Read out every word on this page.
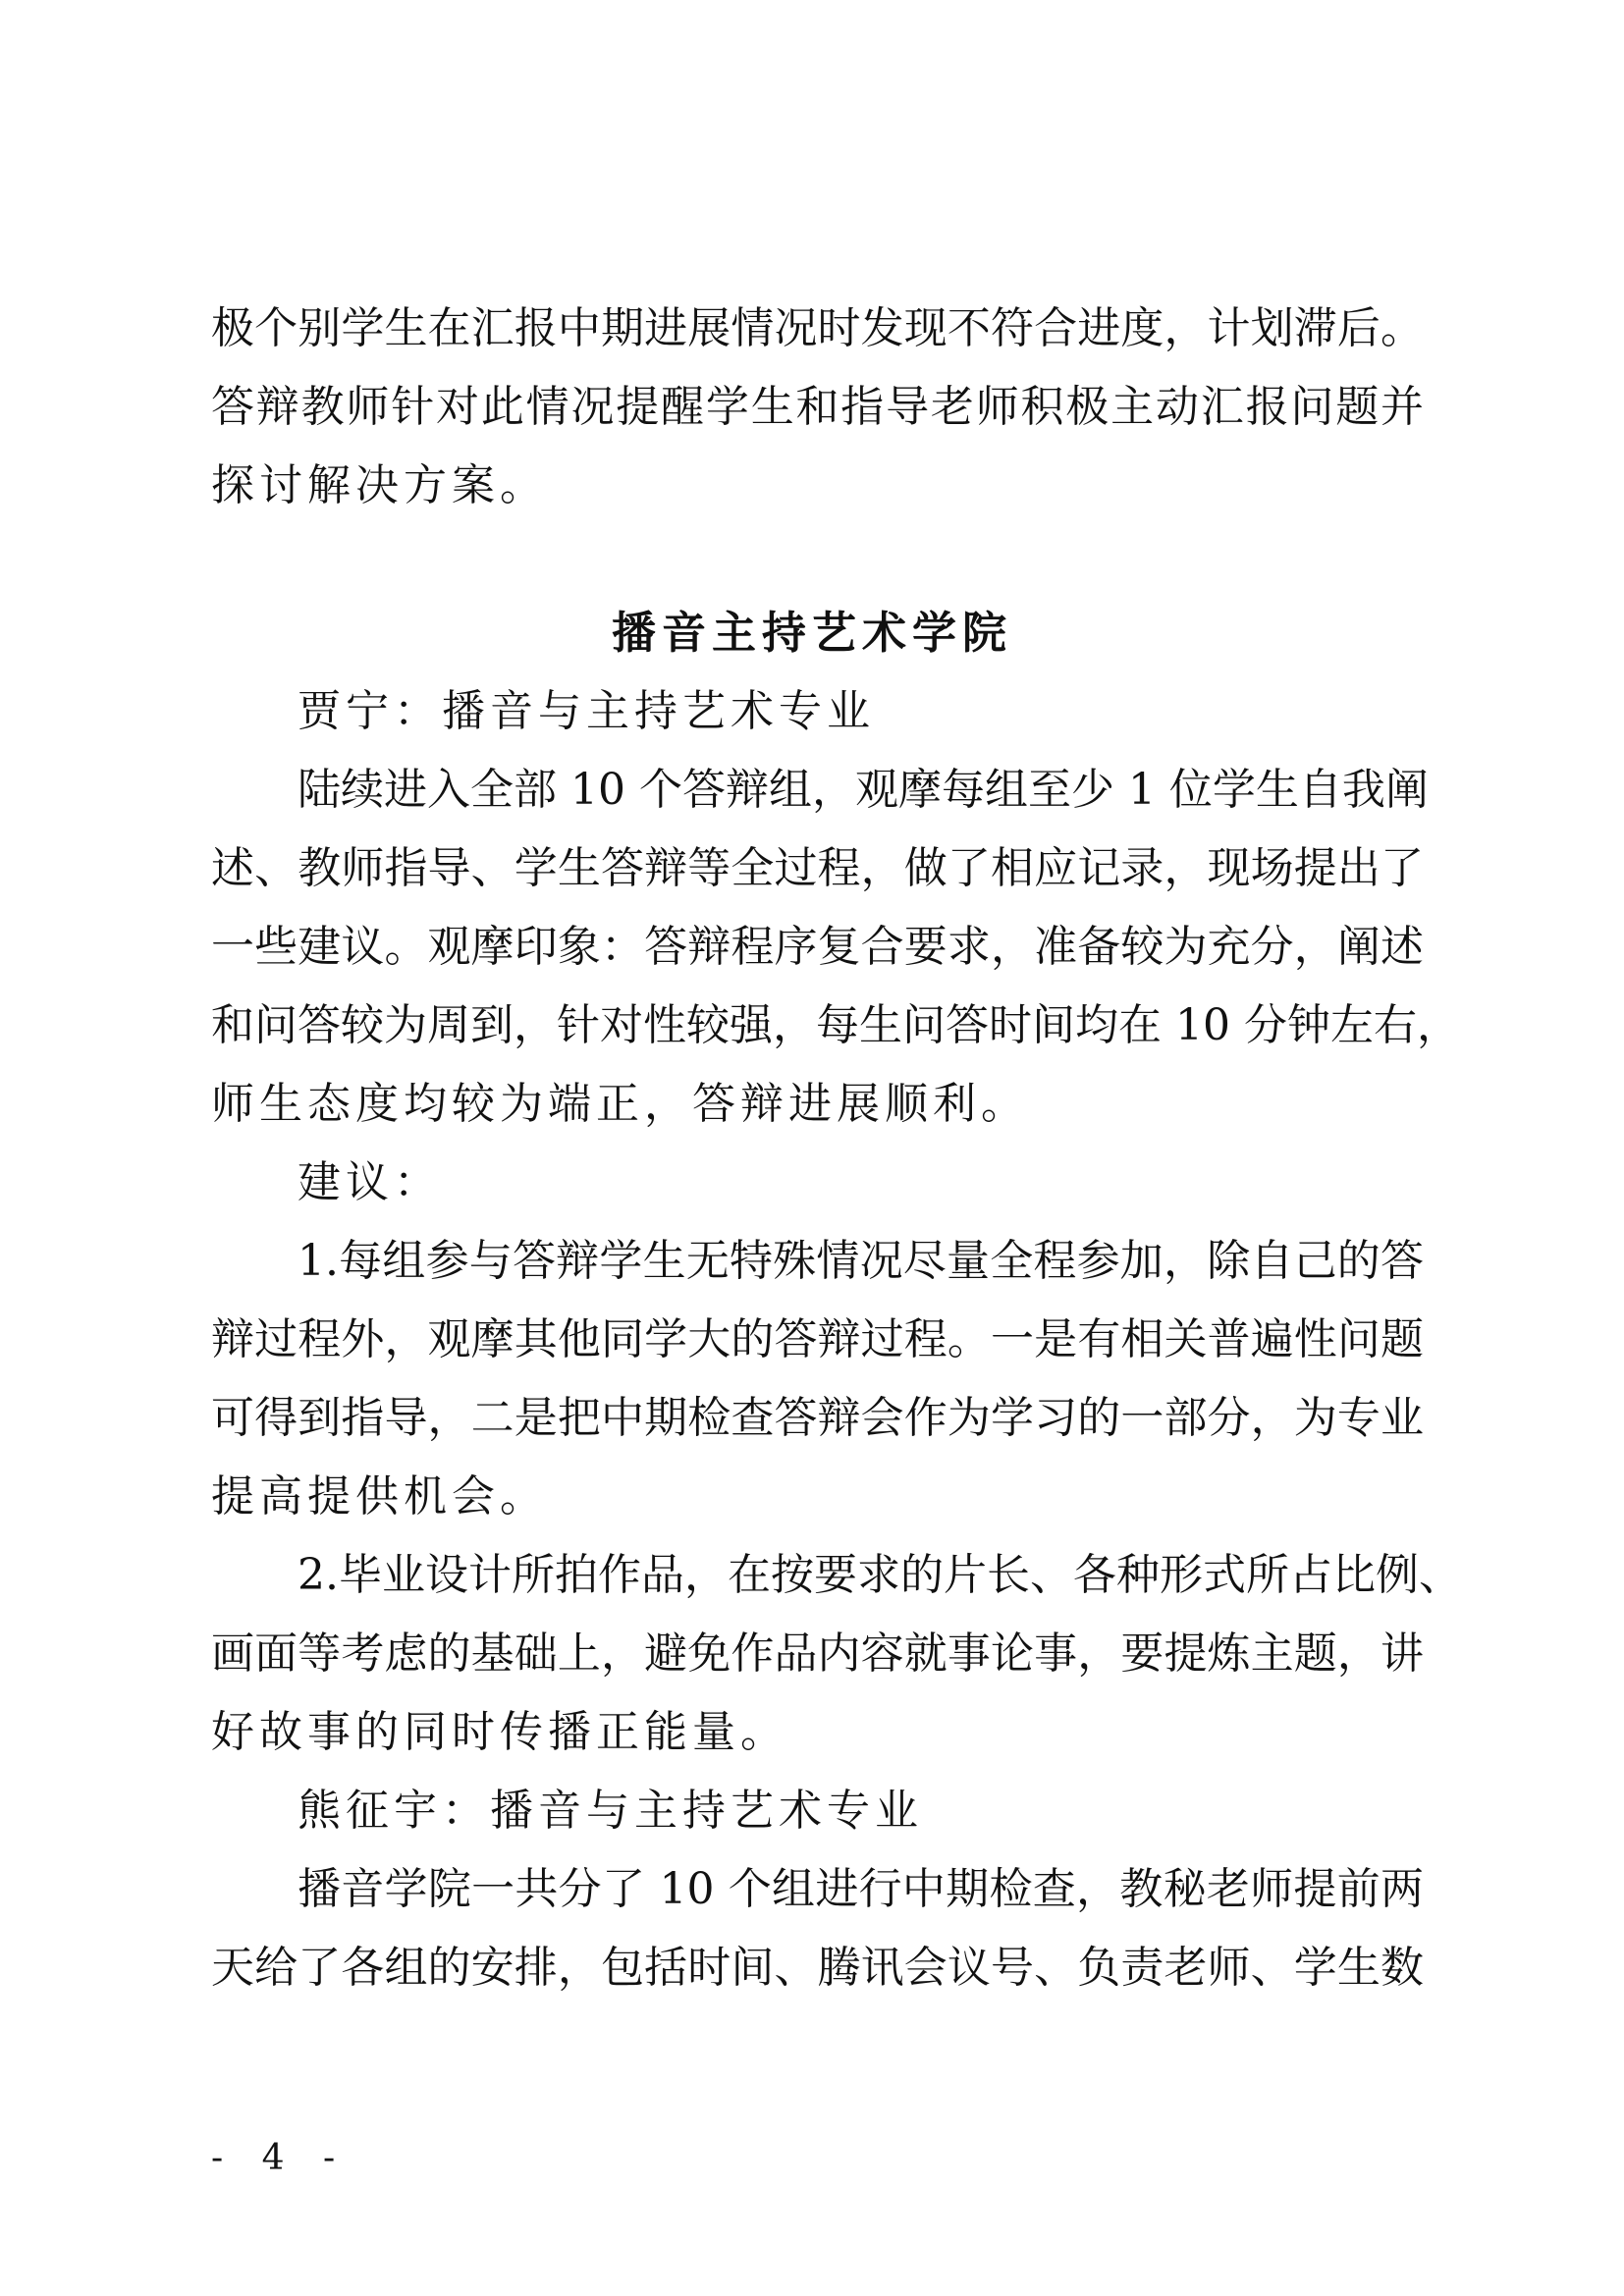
极个别学生在汇报中期进展情况时发现不符合进度，计划滞后。
答辩教师针对此情况提醒学生和指导老师积极主动汇报问题并
探讨解决方案。
播音主持艺术学院
贾宁：播音与主持艺术专业
陆续进入全部 10 个答辩组，观摩每组至少 1 位学生自我阐
述、教师指导、学生答辩等全过程，做了相应记录，现场提出了
一些建议。观摩印象：答辩程序复合要求，准备较为充分，阐述
和问答较为周到，针对性较强，每生问答时间均在 10 分钟左右，
师生态度均较为端正，答辩进展顺利。
建议：
1.每组参与答辩学生无特殊情况尽量全程参加，除自己的答
辩过程外，观摩其他同学大的答辩过程。一是有相关普遍性问题
可得到指导，二是把中期检查答辩会作为学习的一部分，为专业
提高提供机会。
2.毕业设计所拍作品，在按要求的片长、各种形式所占比例、
画面等考虑的基础上，避免作品内容就事论事，要提炼主题，讲
好故事的同时传播正能量。
熊征宇：播音与主持艺术专业
播音学院一共分了 10 个组进行中期检查，教秘老师提前两
天给了各组的安排，包括时间、腾讯会议号、负责老师、学生数
- 4 -
